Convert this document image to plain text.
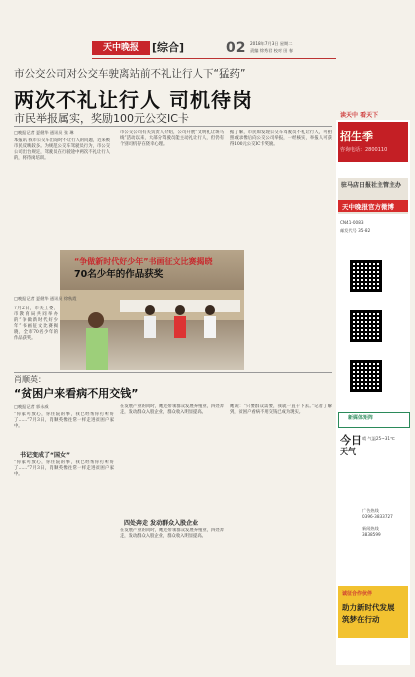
天中晚报	[综合]	02 2018年7月3日 星期二
责编 徐秀君 校对 田 春
市公交公司对公交车驶离站前不礼让行人下“猛药”
两次不礼让行人 司机待岗
市民举报属实，奖励100元公交IC卡
□晚报记者 夏健华 通讯员 张 琳
本报讯 我市公交车出站时不让行人的问题，近来被市民反映较多。为规范公交车驾驶员行为，市公交公司出台规定，驾驶员在行驶途中两次不礼让行人的，将待岗培训。
市公交公司有关负责人介绍，公司开展“文明礼让斑马线”活动以来，大部分驾驶员能主动礼让行人，但仍有个别司机存在侥幸心理。
据了解，市民如发现公交车驾驶员不礼让行人，可拍照或录像后向公交公司举报，一经核实，举报人可获得100元公交IC卡奖励。
“争做新时代好少年”书画征文比赛揭晓
70名少年的作品获奖
□晚报记者 夏健华 通讯员 徐秋霞
7月2日，市关工委、市教育局共同举办的“争做新时代好少年”书画征文比赛揭晓，全市70名少年的作品获奖。
肖顺英：
“贫困户来看病不用交钱”
□晚报记者 郭永威
“你家可放心，你住院的事，我已经帮你打听好了……”7月3日，肖顺英像往常一样走进贫困户家中。
书记变成了“国女”
“你家可放心，你住院的事，我已经帮你打听好了……”7月3日，肖顺英像往常一样走进贫困户家中。
在发展产业的同时，她还带领群众发展养殖业，四处奔走，发动群众入股企业，群众收入明显提高。
四处奔走 发动群众入股企业
在发展产业的同时，她还带领群众发展养殖业，四处奔走，发动群众入股企业，群众收入明显提高。
她说：“只要群众需要，我就一直干下去。”记者了解到，贫困户看病不用交钱已成为现实。
读天中 看天下
招生季
咨询电话：2800110
驻马店日报社主管主办
天中晚报官方微博
CN41-0083
邮发代号 35-82
新媒体矩阵
今日
天气
晴 气温25~31℃
广告热线
0396-3833727
新闻热线
3838599
诚征合作伙伴
助力新时代发展
筑梦在行动
